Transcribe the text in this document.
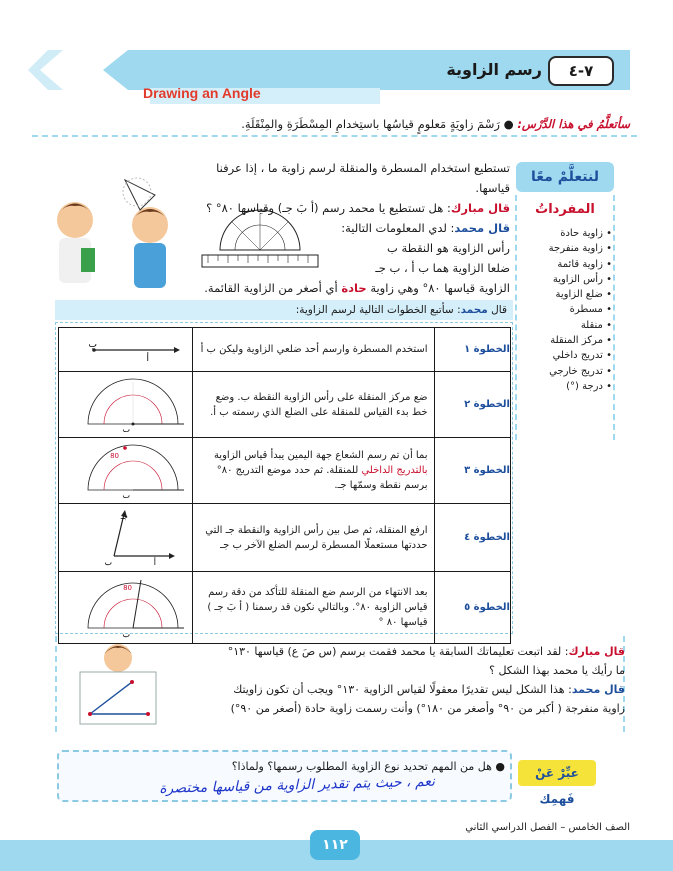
٧-٤
رسم الزاوية
Drawing an Angle
سأتعلَّمُ في هذا الدَّرْس: ● رَسْمَ زاويَةٍ مَعلومٍ قياسُها باستِخدامِ المِسْطَرَةِ والمِنْقَلَةِ.
لنتعلَّمْ معًا
المفرداتُ
• زاوية حادة
• زاوية منفرجة
• زاوية قائمة
• رأس الزاوية
• ضلع الزاوية
• مسطرة
• منقلة
• مركز المنقلة
• تدريج داخلي
• تدريج خارجي
• درجة (°)
تستطيع استخدام المسطرة والمنقلة لرسم زاوية ما ، إذا عرفنا قياسها.
قال مبارك: هل تستطيع يا محمد رسم (أ بَ جـ) وقياسها ٨٠° ؟
قال محمد: لدي المعلومات التالية:
رأس الزاوية هو النقطة ب
ضلعا الزاوية هما ب أ ، ب جـ
الزاوية قياسها ٨٠° وهي زاوية حادة أي أصغر من الزاوية القائمة.
قال محمد: سأتبع الخطوات التالية لرسم الزاوية:
الخطوة ١	استخدم المسطرة وارسم أحد ضلعي الزاوية وليكن ب أ	ب
أ

الخطوة ٢	ضع مركز المنقلة على رأس الزاوية النقطة ب. وضع خط بدء القياس للمنقلة على الضلع الذي رسمته ب أ.	ب

الخطوة ٣	بما أن تم رسم الشعاع جهة اليمين يبدأ قياس الزاوية بالتدريج الداخلي للمنقلة. ثم حدد موضع التدريج ٨٠° برسم نقطة وسمّها جـ.	80
ب

الخطوة ٤	ارفع المنقلة، ثم صل بين رأس الزاوية والنقطة جـ التي حددتها مستعملًا المسطرة لرسم الضلع الآخر ب جـ	جـ
ب أ

الخطوة ٥	بعد الانتهاء من الرسم ضع المنقلة للتأكد من دقة رسم قياس الزاوية ٨٠°. وبالتالي نكون قد رسمنا ( أ بَ جـ ) قياسها ٨٠ °	80
ب
قال مبارك: لقد اتبعت تعليماتك السابقة يا محمد فقمت برسم (س صَ ع) قياسها ١٣٠°
ما رأيك يا محمد بهذا الشكل ؟
قال محمد: هذا الشكل ليس تقديرًا معقولًا لقياس الزاوية ١٣٠° ويجب أن تكون زاويتك
زاوية منفرجة ( أكبر من ٩٠° وأصغر من ١٨٠°) وأنت رسمت زاوية حادة (أصغر من ٩٠°)
عبِّرْ عَنْ فَهمِك
● هل من المهم تحديد نوع الزاوية المطلوب رسمها؟ ولماذا؟
نعم ، حيث يتم تقدير الزاوية من قياسها مختصرة
الصف الخامس – الفصل الدراسي الثاني
١١٢
